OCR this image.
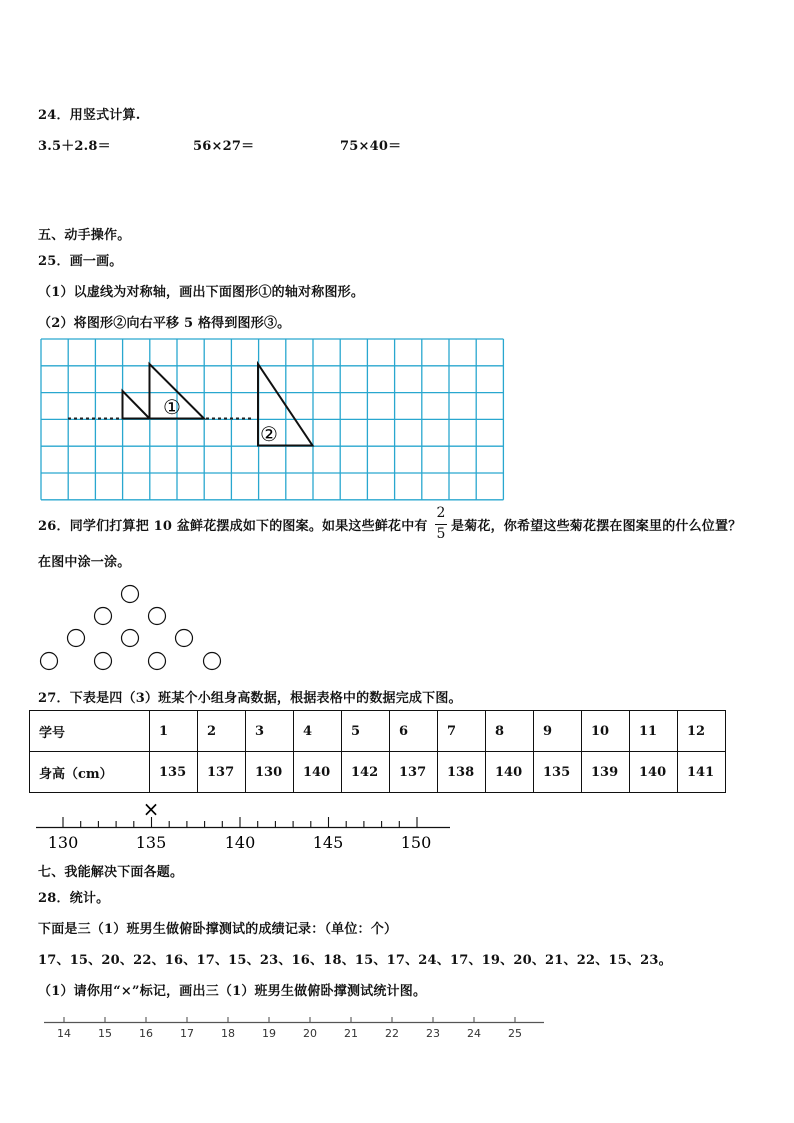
24．用竖式计算.
3.5＋2.8＝	56×27＝	75×40＝
五、动手操作。
25．画一画。
（1）以虚线为对称轴，画出下面图形①的轴对称图形。
（2）将图形②向右平移 5 格得到图形③。
①
②
26．同学们打算把 10 盆鲜花摆成如下的图案。如果这些鲜花中有
2
5 是菊花，你希望这些菊花摆在图案里的什么位置？
在图中涂一涂。
27．下表是四（3）班某个小组身高数据，根据表格中的数据完成下图。
学号	1	2	3	4	5	6	7	8	9	10	11	12
身高（cm）	135	137	130	140	142	137	138	140	135	139	140	141
×
130	135	140	145	150
七、我能解决下面各题。
28．统计。
下面是三（1）班男生做俯卧撑测试的成绩记录：（单位：个）
17、15、20、22、16、17、15、23、16、18、15、17、24、17、19、20、21、22、15、23。
（1）请你用“×”标记，画出三（1）班男生做俯卧撑测试统计图。
14 15 16 17 18 19 20 21 22 23 24 25
